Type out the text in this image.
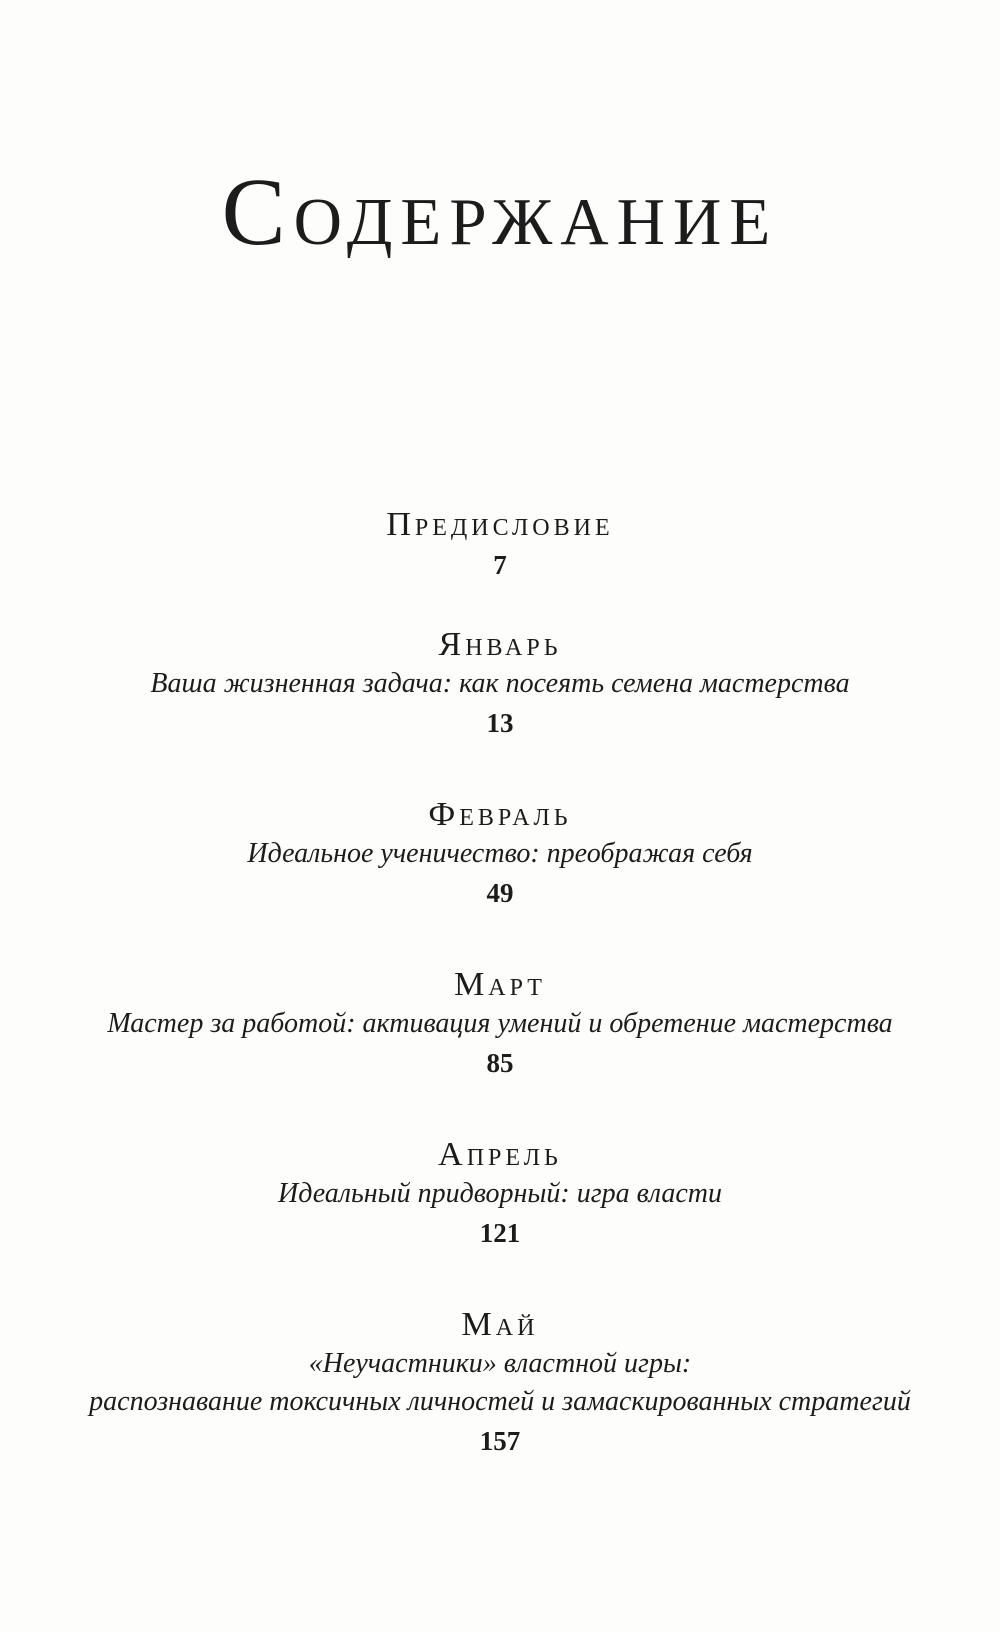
Содержание
Предисловие
7
Январь
Ваша жизненная задача: как посеять семена мастерства
13
Февраль
Идеальное ученичество: преображая себя
49
Март
Мастер за работой: активация умений и обретение мастерства
85
Апрель
Идеальный придворный: игра власти
121
Май
«Неучастники» властной игры:
распознавание токсичных личностей и замаскированных стратегий
157
